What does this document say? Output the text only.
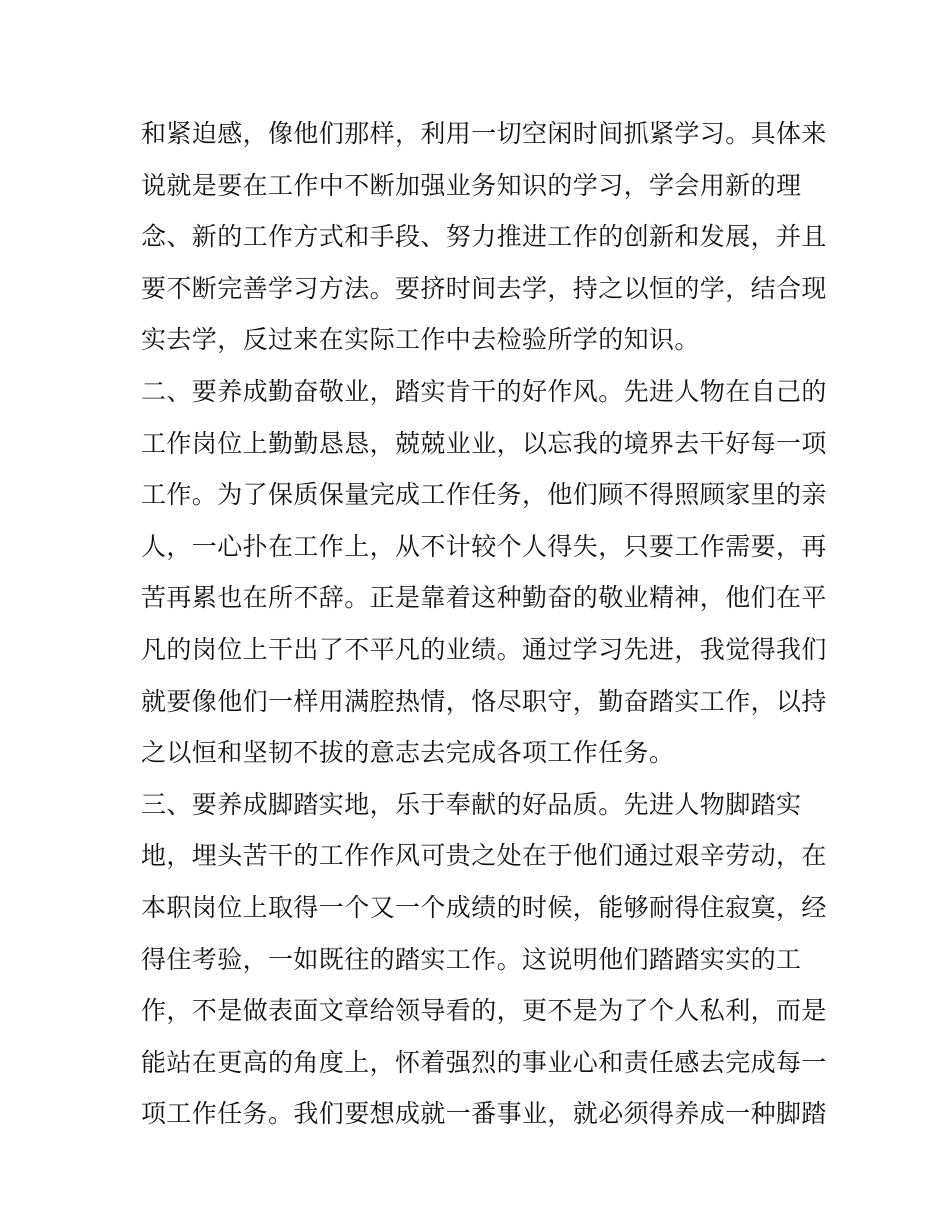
和紧迫感，像他们那样，利用一切空闲时间抓紧学习。具体来
说就是要在工作中不断加强业务知识的学习，学会用新的理
念、新的工作方式和手段、努力推进工作的创新和发展，并且
要不断完善学习方法。要挤时间去学，持之以恒的学，结合现
实去学，反过来在实际工作中去检验所学的知识。
二、要养成勤奋敬业，踏实肯干的好作风。先进人物在自己的
工作岗位上勤勤恳恳，兢兢业业，以忘我的境界去干好每一项
工作。为了保质保量完成工作任务，他们顾不得照顾家里的亲
人，一心扑在工作上，从不计较个人得失，只要工作需要，再
苦再累也在所不辞。正是靠着这种勤奋的敬业精神，他们在平
凡的岗位上干出了不平凡的业绩。通过学习先进，我觉得我们
就要像他们一样用满腔热情，恪尽职守，勤奋踏实工作，以持
之以恒和坚韧不拔的意志去完成各项工作任务。
三、要养成脚踏实地，乐于奉献的好品质。先进人物脚踏实
地，埋头苦干的工作作风可贵之处在于他们通过艰辛劳动，在
本职岗位上取得一个又一个成绩的时候，能够耐得住寂寞，经
得住考验，一如既往的踏实工作。这说明他们踏踏实实的工
作，不是做表面文章给领导看的，更不是为了个人私利，而是
能站在更高的角度上，怀着强烈的事业心和责任感去完成每一
项工作任务。我们要想成就一番事业，就必须得养成一种脚踏
